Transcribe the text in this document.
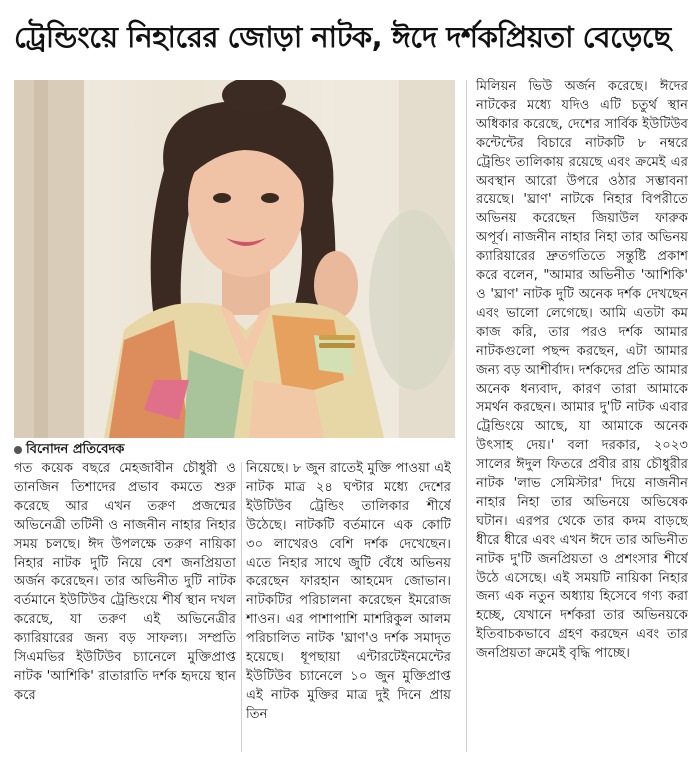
ট্রেন্ডিংয়ে নিহারের জোড়া নাটক, ঈদে দর্শকপ্রিয়তা বেড়েছে
বিনোদন প্রতিবেদক

গত কয়েক বছরে মেহজাবীন চৌধুরী ও তানজিন তিশাদের প্রভাব কমতে শুরু করেছে আর এখন তরুণ প্রজন্মের অভিনেত্রী তটিনী ও নাজনীন নাহার নিহার সময় চলছে। ঈদ উপলক্ষে তরুণ নায়িকা নিহার নাটক দুটি নিয়ে বেশ জনপ্রিয়তা অর্জন করেছেন। তার অভিনীত দুটি নাটক বর্তমানে ইউটিউব ট্রেন্ডিংয়ে শীর্ষ স্থান দখল করেছে, যা তরুণ এই অভিনেত্রীর ক্যারিয়ারের জন্য বড় সাফল্য। সম্প্রতি সিএমভির ইউটিউব চ্যানেলে মুক্তিপ্রাপ্ত নাটক 'আশিকি' রাতারাতি দর্শক হৃদয়ে স্থান করে

নিয়েছে। ৮ জুন রাতেই মুক্তি পাওয়া এই নাটক মাত্র ২৪ ঘণ্টার মধ্যে দেশের ইউটিউব ট্রেন্ডিং তালিকার শীর্ষে উঠেছে। নাটকটি বর্তমানে এক কোটি ৩০ লাখেরও বেশি দর্শক দেখেছেন। এতে নিহার সাথে জুটি বেঁধে অভিনয় করেছেন ফারহান আহমেদ জোভান। নাটকটির পরিচালনা করেছেন ইমরোজ শাওন। এর পাশাপাশি মাশরিকুল আলম পরিচালিত নাটক 'ঘ্রাণ'ও দর্শক সমাদৃত হয়েছে। ধূপছায়া এন্টারটেইনমেন্টের ইউটিউব চ্যানেলে ১০ জুন মুক্তিপ্রাপ্ত এই নাটক মুক্তির মাত্র দুই দিনে প্রায় তিন

মিলিয়ন ভিউ অর্জন করেছে। ঈদের নাটকের মধ্যে যদিও এটি চতুর্থ স্থান অধিকার করেছে, দেশের সার্বিক ইউটিউব কন্টেন্টের বিচারে নাটকটি ৮ নম্বরে ট্রেন্ডিং তালিকায় রয়েছে এবং ক্রমেই এর অবস্থান আরো উপরে ওঠার সম্ভাবনা রয়েছে। 'ঘ্রাণ' নাটকে নিহার বিপরীতে অভিনয় করেছেন জিয়াউল ফারুক অপূর্ব। নাজনীন নাহার নিহা তার অভিনয় ক্যারিয়ারের দ্রুতগতিতে সন্তুষ্টি প্রকাশ করে বলেন, "আমার অভিনীত 'আশিকি' ও 'ঘ্রাণ' নাটক দুটি অনেক দর্শক দেখছেন এবং ভালো লেগেছে। আমি এতটা কম কাজ করি, তার পরও দর্শক আমার নাটকগুলো পছন্দ করছেন, এটা আমার জন্য বড় আশীর্বাদ। দর্শকদের প্রতি আমার অনেক ধন্যবাদ, কারণ তারা আমাকে সমর্থন করছেন। আমার দু'টি নাটক এবার ট্রেন্ডিংয়ে আছে, যা আমাকে অনেক উৎসাহ দেয়।' বলা দরকার, ২০২৩ সালের ঈদুল ফিতরে প্রবীর রায় চৌধুরীর নাটক 'লাভ সেমিস্টার' দিয়ে নাজনীন নাহার নিহা তার অভিনয়ে অভিষেক ঘটান। এরপর থেকে তার কদম বাড়ছে ধীরে ধীরে এবং এখন ঈদে তার অভিনীত নাটক দু'টি জনপ্রিয়তা ও প্রশংসার শীর্ষে উঠে এসেছে। এই সময়টি নায়িকা নিহার জন্য এক নতুন অধ্যায় হিসেবে গণ্য করা হচ্ছে, যেখানে দর্শকরা তার অভিনয়কে ইতিবাচকভাবে গ্রহণ করছেন এবং তার জনপ্রিয়তা ক্রমেই বৃদ্ধি পাচ্ছে।
